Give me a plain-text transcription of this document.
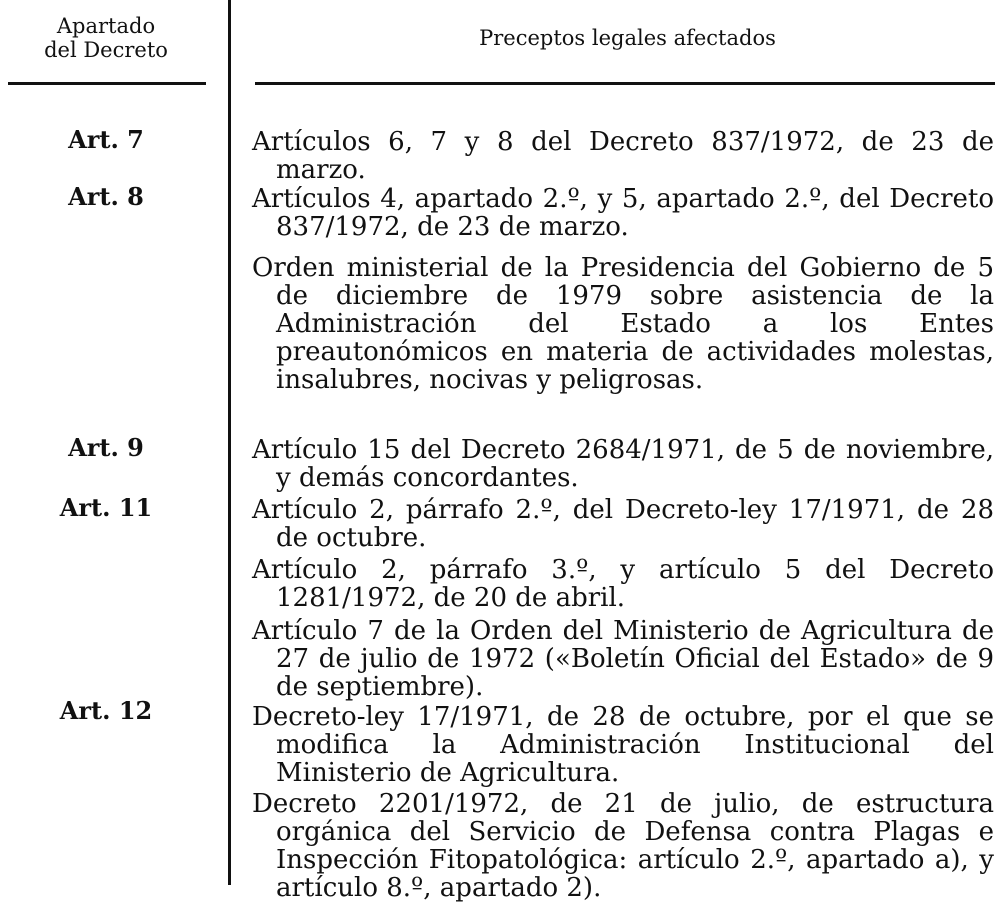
Apartado
del Decreto	Preceptos legales afectados
Art. 7
Art. 8
Art. 9
Art. 11
Art. 12
Artículos 6, 7 y 8 del Decreto 837/1972, de 23 de marzo.
Artículos 4, apartado 2.º, y 5, apartado 2.º, del Decreto 837/1972, de 23 de marzo.
Orden ministerial de la Presidencia del Gobierno de 5 de diciembre de 1979 sobre asistencia de la Administración del Estado a los Entes preautonómicos en materia de actividades molestas, insalubres, nocivas y peligrosas.
Artículo 15 del Decreto 2684/1971, de 5 de noviembre, y demás concordantes.
Artículo 2, párrafo 2.º, del Decreto-ley 17/1971, de 28 de octubre.
Artículo 2, párrafo 3.º, y artículo 5 del Decreto 1281/1972, de 20 de abril.
Artículo 7 de la Orden del Ministerio de Agricultura de 27 de julio de 1972 («Boletín Oficial del Estado» de 9 de septiembre).
Decreto-ley 17/1971, de 28 de octubre, por el que se modifica la Administración Institucional del Ministerio de Agricultura.
Decreto 2201/1972, de 21 de julio, de estructura orgánica del Servicio de Defensa contra Plagas e Inspección Fitopatológica: artículo 2.º, apartado a), y artículo 8.º, apartado 2).
